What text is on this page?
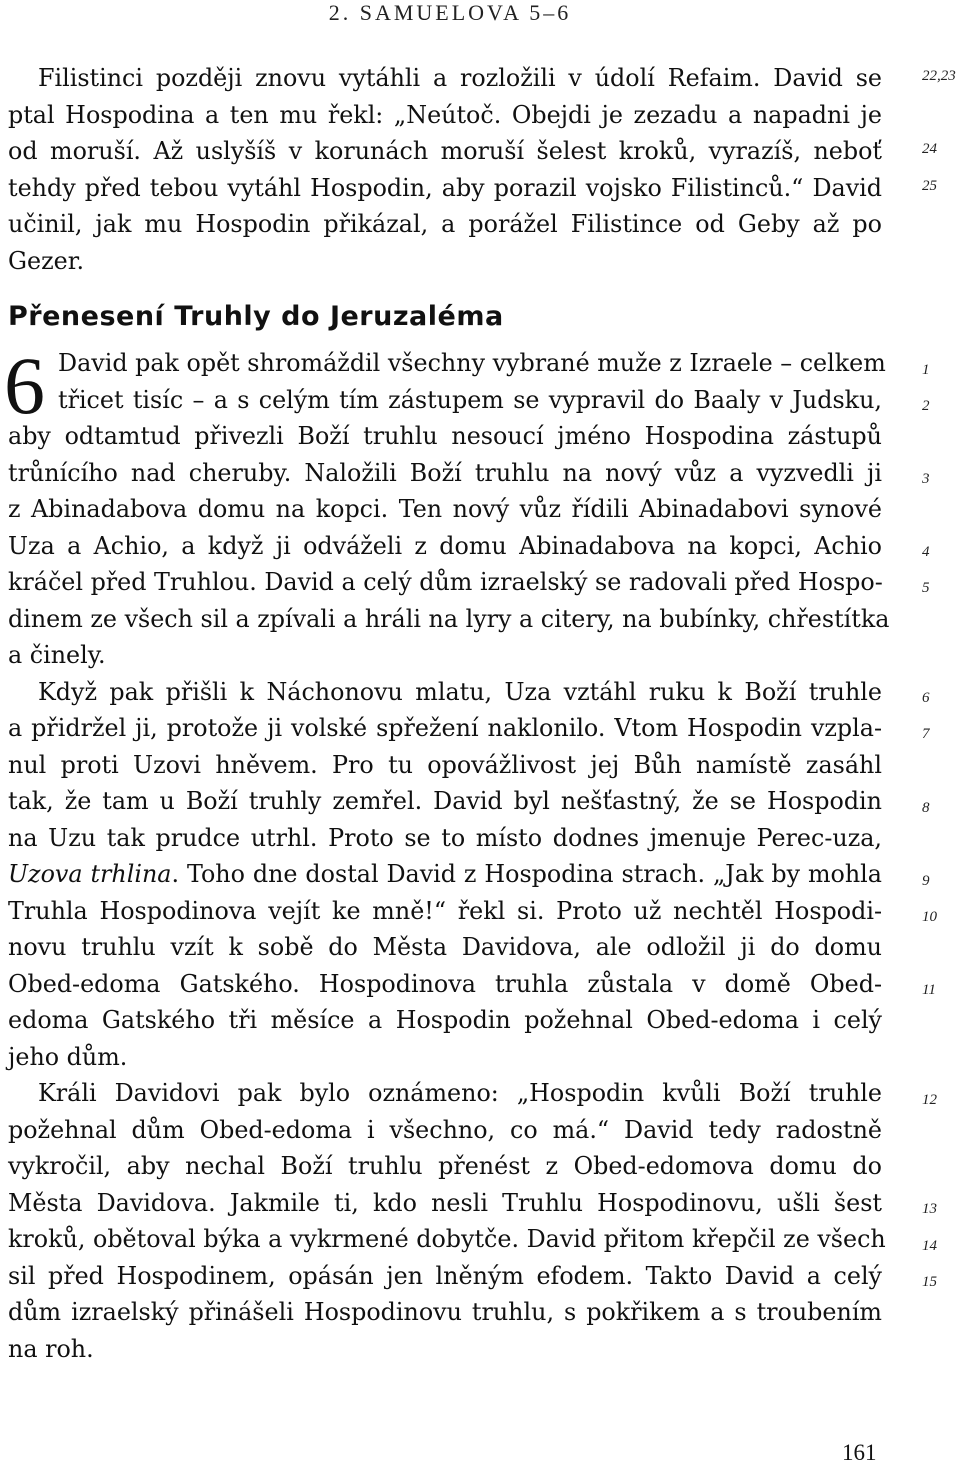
2. SAMUELOVA 5–6
Filistinci později znovu vytáhli a rozložili v údolí Refaim. David se
ptal Hospodina a ten mu řekl: „Neútoč. Obejdi je zezadu a napadni je
od moruší. Až uslyšíš v korunách moruší šelest kroků, vyrazíš, neboť
tehdy před tebou vytáhl Hospodin, aby porazil vojsko Filistinců.“ David
učinil, jak mu Hospodin přikázal, a porážel Filistince od Geby až po
Gezer.
Přenesení Truhly do Jeruzaléma
6 David pak opět shromáždil všechny vybrané muže z Izraele – celkem
třicet tisíc – a s celým tím zástupem se vypravil do Baaly v Judsku,
aby odtamtud přivezli Boží truhlu nesoucí jméno Hospodina zástupů
trůnícího nad cheruby. Naložili Boží truhlu na nový vůz a vyzvedli ji
z Abinadabova domu na kopci. Ten nový vůz řídili Abinadabovi synové
Uza a Achio, a když ji odváželi z domu Abinadabova na kopci, Achio
kráčel před Truhlou. David a celý dům izraelský se radovali před Hospo-
dinem ze všech sil a zpívali a hráli na lyry a citery, na bubínky, chřestítka
a činely.
Když pak přišli k Náchonovu mlatu, Uza vztáhl ruku k Boží truhle
a přidržel ji, protože ji volské spřežení naklonilo. Vtom Hospodin vzpla-
nul proti Uzovi hněvem. Pro tu opovážlivost jej Bůh namístě zasáhl
tak, že tam u Boží truhly zemřel. David byl nešťastný, že se Hospodin
na Uzu tak prudce utrhl. Proto se to místo dodnes jmenuje Perec-uza,
Uzova trhlina. Toho dne dostal David z Hospodina strach. „Jak by mohla
Truhla Hospodinova vejít ke mně!“ řekl si. Proto už nechtěl Hospodi-
novu truhlu vzít k sobě do Města Davidova, ale odložil ji do domu
Obed-edoma Gatského. Hospodinova truhla zůstala v domě Obed-
edoma Gatského tři měsíce a Hospodin požehnal Obed-edoma i celý
jeho dům.
Králi Davidovi pak bylo oznámeno: „Hospodin kvůli Boží truhle
požehnal dům Obed-edoma i všechno, co má.“ David tedy radostně
vykročil, aby nechal Boží truhlu přenést z Obed-edomova domu do
Města Davidova. Jakmile ti, kdo nesli Truhlu Hospodinovu, ušli šest
kroků, obětoval býka a vykrmené dobytče. David přitom křepčil ze všech
sil před Hospodinem, opásán jen lněným efodem. Takto David a celý
dům izraelský přinášeli Hospodinovu truhlu, s pokřikem a s troubením
na roh.
22,23
24
25
1
2
3
4
5
6
7
8
9
10
11
12
13
14
15
161
